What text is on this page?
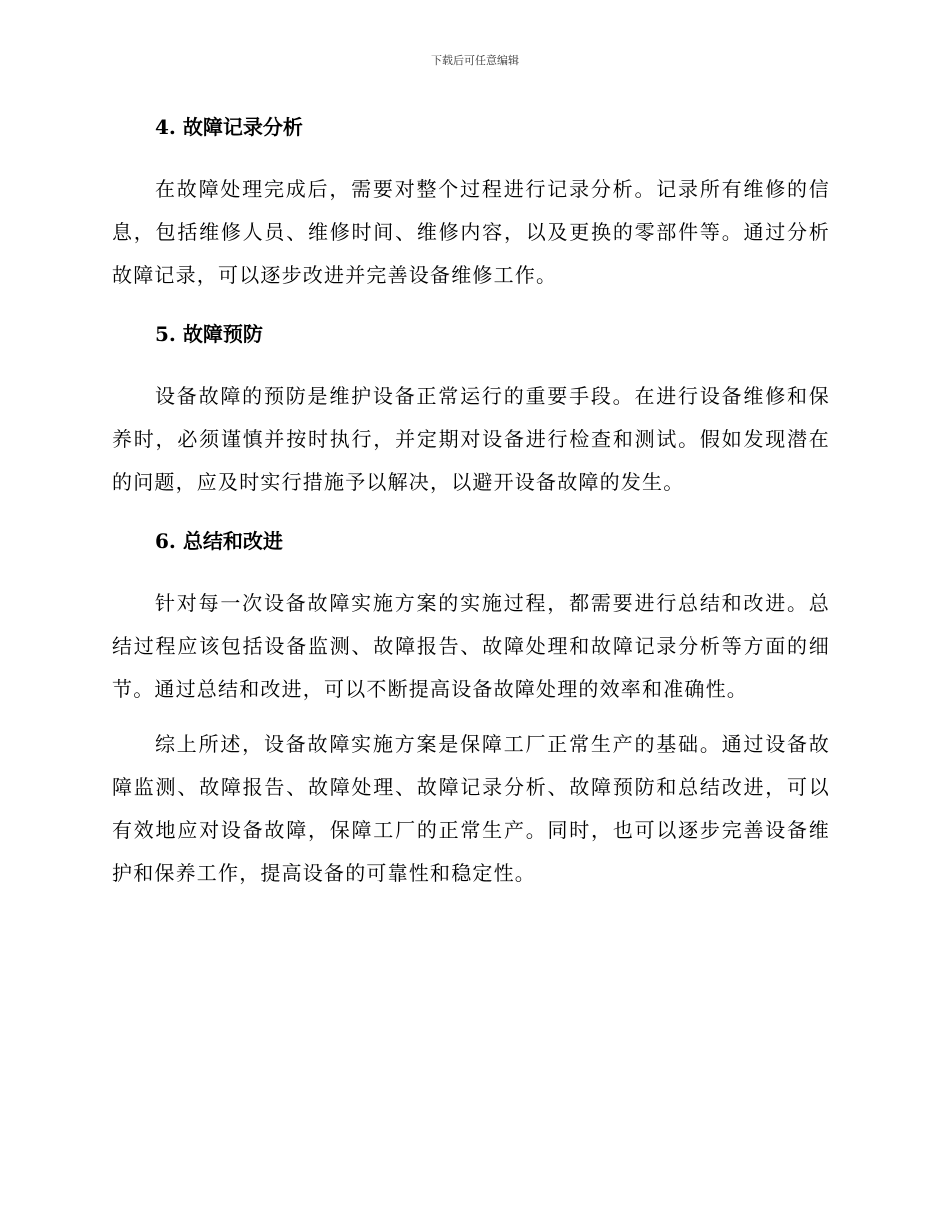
下载后可任意编辑
4. 故障记录分析

在故障处理完成后，需要对整个过程进行记录分析。记录所有维修的信息，包括维修人员、维修时间、维修内容，以及更换的零部件等。通过分析故障记录，可以逐步改进并完善设备维修工作。

5. 故障预防

设备故障的预防是维护设备正常运行的重要手段。在进行设备维修和保养时，必须谨慎并按时执行，并定期对设备进行检查和测试。假如发现潜在的问题，应及时实行措施予以解决，以避开设备故障的发生。

6. 总结和改进

针对每一次设备故障实施方案的实施过程，都需要进行总结和改进。总结过程应该包括设备监测、故障报告、故障处理和故障记录分析等方面的细节。通过总结和改进，可以不断提高设备故障处理的效率和准确性。

综上所述，设备故障实施方案是保障工厂正常生产的基础。通过设备故障监测、故障报告、故障处理、故障记录分析、故障预防和总结改进，可以有效地应对设备故障，保障工厂的正常生产。同时，也可以逐步完善设备维护和保养工作，提高设备的可靠性和稳定性。
